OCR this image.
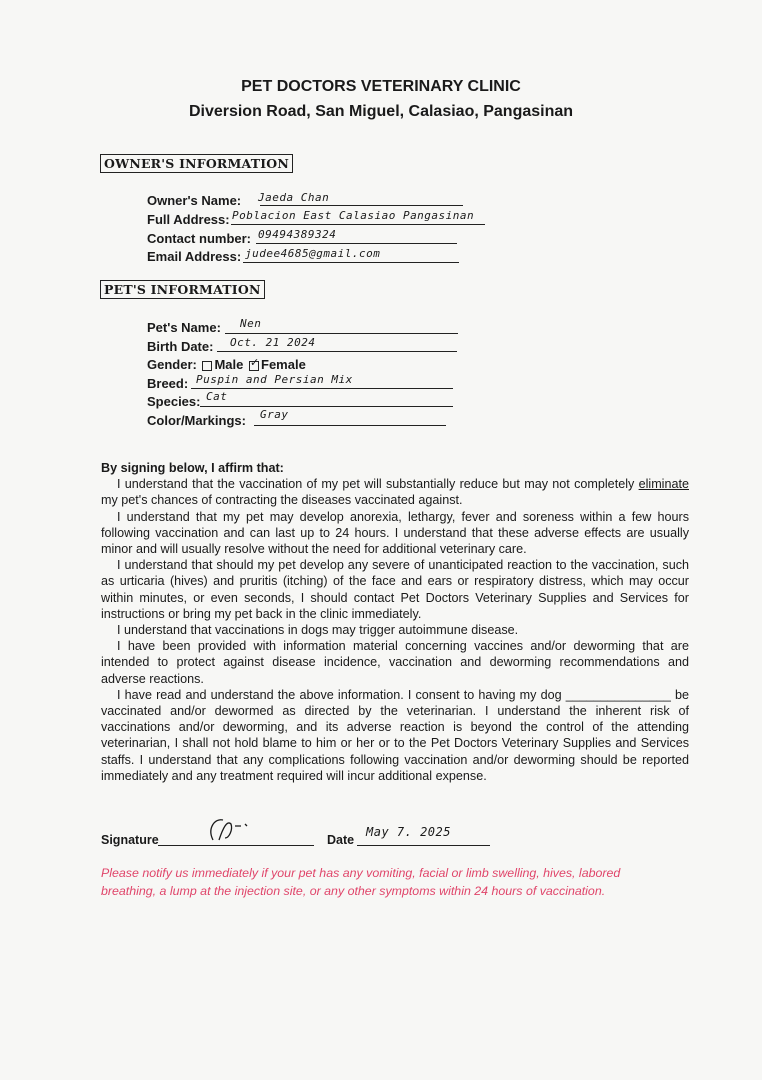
PET DOCTORS VETERINARY CLINIC
Diversion Road, San Miguel, Calasiao, Pangasinan
OWNER'S INFORMATION
Owner's Name: Jaeda Chan
Full Address: Poblacion East Calasiao Pangasinan
Contact number: 09494389324
Email Address: judee4685@gmail.com
PET'S INFORMATION
Pet's Name: Nen
Birth Date: Oct. 21 2024
Gender: Male ✓ Female
Breed: Puspin and Persian Mix
Species: Cat
Color/Markings: Gray

By signing below, I affirm that:

I understand that the vaccination of my pet will substantially reduce but may not completely eliminate my pet's chances of contracting the diseases vaccinated against.

I understand that my pet may develop anorexia, lethargy, fever and soreness within a few hours following vaccination and can last up to 24 hours. I understand that these adverse effects are usually minor and will usually resolve without the need for additional veterinary care.

I understand that should my pet develop any severe of unanticipated reaction to the vaccination, such as urticaria (hives) and pruritis (itching) of the face and ears or respiratory distress, which may occur within minutes, or even seconds, I should contact Pet Doctors Veterinary Supplies and Services for instructions or bring my pet back in the clinic immediately.

I understand that vaccinations in dogs may trigger autoimmune disease.

I have been provided with information material concerning vaccines and/or deworming that are intended to protect against disease incidence, vaccination and deworming recommendations and adverse reactions.

I have read and understand the above information. I consent to having my dog _______________ be vaccinated and/or dewormed as directed by the veterinarian. I understand the inherent risk of vaccinations and/or deworming, and its adverse reaction is beyond the control of the attending veterinarian, I shall not hold blame to him or her or to the Pet Doctors Veterinary Supplies and Services staffs. I understand that any complications following vaccination and/or deworming should be reported immediately and any treatment required will incur additional expense.

Signature	Date
May 7. 2025
Please notify us immediately if your pet has any vomiting, facial or limb swelling, hives, labored breathing, a lump at the injection site, or any other symptoms within 24 hours of vaccination.
